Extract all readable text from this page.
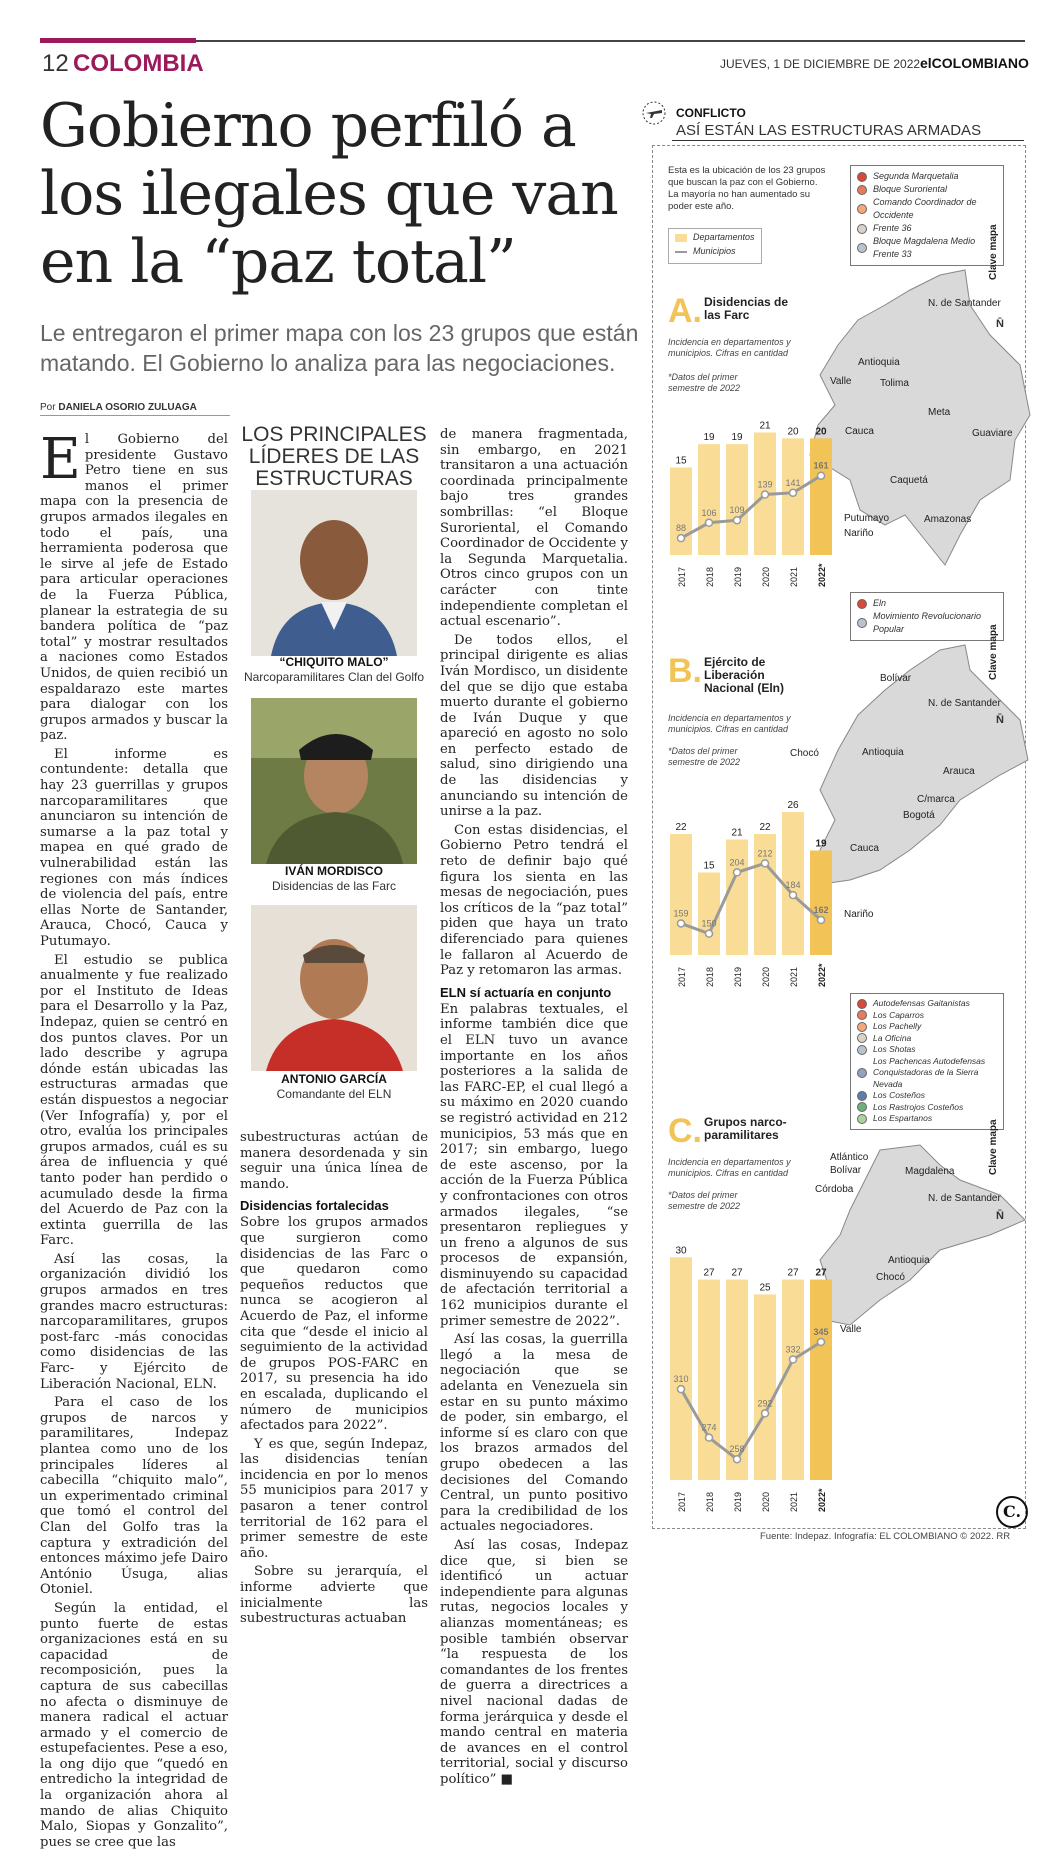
12 COLOMBIA	JUEVES, 1 DE DICIEMBRE DE 2022 elCOLOMBIANO
Gobierno perfiló a los ilegales que van en la “paz total”
Le entregaron el primer mapa con los 23 grupos que están matando. El Gobierno lo analiza para las negociaciones.
Por DANIELA OSORIO ZULUAGA

El Gobierno del presidente Gustavo Petro tiene en sus manos el primer mapa con la presencia de grupos armados ilegales en todo el país, una herramienta poderosa que le sirve al jefe de Estado para articular operaciones de la Fuerza Pública, planear la estrategia de su bandera política de “paz total” y mostrar resultados a naciones como Estados Unidos, de quien recibió un espaldarazo este martes para dialogar con los grupos armados y buscar la paz.

El informe es contundente: detalla que hay 23 guerrillas y grupos narcoparamilitares que anunciaron su intención de sumarse a la paz total y mapea en qué grado de vulnerabilidad están las regiones con más índices de violencia del país, entre ellas Norte de Santander, Arauca, Chocó, Cauca y Putumayo.

El estudio se publica anualmente y fue realizado por el Instituto de Ideas para el Desarrollo y la Paz, Indepaz, quien se centró en dos puntos claves. Por un lado describe y agrupa dónde están ubicadas las estructuras armadas que están dispuestos a negociar (Ver Infografía) y, por el otro, evalúa los principales grupos armados, cuál es su área de influencia y qué tanto poder han perdido o acumulado desde la firma del Acuerdo de Paz con la extinta guerrilla de las Farc.

Así las cosas, la organización dividió los grupos armados en tres grandes macro estructuras: narcoparamilitares, grupos post-farc -más conocidas como disidencias de las Farc- y Ejército de Liberación Nacional, ELN.

Para el caso de los grupos de narcos y paramilitares, Indepaz plantea como uno de los principales líderes al cabecilla “chiquito malo”, un experimentado criminal que tomó el control del Clan del Golfo tras la captura y extradición del entonces máximo jefe Dairo António Úsuga, alias Otoniel.

Según la entidad, el punto fuerte de estas organizaciones está en su capacidad de recomposición, pues la captura de sus cabecillas no afecta o disminuye de manera radical el actuar armado y el comercio de estupefacientes. Pese a eso, la ong dijo que “quedó en entredicho la integridad de la organización ahora al mando de alias Chiquito Malo, Siopas y Gonzalito”, pues se cree que las

LOS PRINCIPALES LÍDERES DE LAS ESTRUCTURAS
“CHIQUITO MALO”
Narcoparamilitares Clan del Golfo
IVÁN MORDISCO
Disidencias de las Farc
ANTONIO GARCÍA
Comandante del ELN

subestructuras actúan de manera desordenada y sin seguir una única línea de mando.

Disidencias fortalecidas

Sobre los grupos armados que surgieron como disidencias de las Farc o que quedaron como pequeños reductos que nunca se acogieron al Acuerdo de Paz, el informe cita que “desde el inicio al seguimiento de la actividad de grupos POS-FARC en 2017, su presencia ha ido en escalada, duplicando el número de municipios afectados para 2022”.

Y es que, según Indepaz, las disidencias tenían incidencia en por lo menos 55 municipios para 2017 y pasaron a tener control territorial de 162 para el primer semestre de este año.

Sobre su jerarquía, el informe advierte que inicialmente las subestructuras actuaban

de manera fragmentada, sin embargo, en 2021 transitaron a una actuación coordinada principalmente bajo tres grandes sombrillas: “el Bloque Suroriental, el Comando Coordinador de Occidente y la Segunda Marquetalia. Otros cinco grupos con un carácter con tinte independiente completan el actual escenario”.

De todos ellos, el principal dirigente es alias Iván Mordisco, un disidente del que se dijo que estaba muerto durante el gobierno de Iván Duque y que apareció en agosto no solo en perfecto estado de salud, sino dirigiendo una de las disidencias y anunciando su intención de unirse a la paz.

Con estas disidencias, el Gobierno Petro tendrá el reto de definir bajo qué figura los sienta en las mesas de negociación, pues los críticos de la “paz total” piden que haya un trato diferenciado para quienes le fallaron al Acuerdo de Paz y retomaron las armas.

ELN sí actuaría en conjunto

En palabras textuales, el informe también dice que el ELN tuvo un avance importante en los años posteriores a la salida de las FARC-EP, el cual llegó a su máximo en 2020 cuando se registró actividad en 212 municipios, 53 más que en 2017; sin embargo, luego de este ascenso, por la acción de la Fuerza Pública y confrontaciones con otros armados ilegales, “se presentaron repliegues y un freno a algunos de sus procesos de expansión, disminuyendo su capacidad de afectación territorial a 162 municipios durante el primer semestre de 2022”.

Así las cosas, la guerrilla llegó a la mesa de negociación que se adelanta en Venezuela sin estar en su punto máximo de poder, sin embargo, el informe sí es claro con que los brazos armados del grupo obedecen a las decisiones del Comando Central, un punto positivo para la credibilidad de los actuales negociadores.

Así las cosas, Indepaz dice que, si bien se identificó un actuar independiente para algunas rutas, negocios locales y alianzas momentáneas; es posible también observar “la respuesta de los comandantes de los frentes de guerra a directrices a nivel nacional dadas de forma jerárquica y desde el mando central en materia de avances en el control territorial, social y discurso político” ■

CONFLICTO
ASÍ ESTÁN LAS ESTRUCTURAS ARMADAS
Esta es la ubicación de los 23 grupos que buscan la paz con el Gobierno. La mayoría no han aumentado su poder este año.
Departamentos
Municipios
Segunda Marquetalia
Bloque Suroriental
Comando Coordinador de Occidente
Frente 36
Bloque Magdalena Medio Frente 33	Clave mapa
Eln
Movimiento Revolucionario Popular	Clave mapa
Autodefensas Gaitanistas
Los Caparros
Los Pachelly
La Oficina
Los Shotas
Los Pachencas Autodefensas Conquistadoras de la Sierra Nevada
Los Costeños
Los Rastrojos Costeños
Los Espartanos
Clave mapa
A. Disidencias de las Farc
Incidencia en departamentos y municipios. Cifras en cantidad
*Datos del primer semestre de 2022
B. Ejército de Liberación Nacional (Eln)
Incidencia en departamentos y municipios. Cifras en cantidad
*Datos del primer semestre de 2022
C. Grupos narco-paramilitares
Incidencia en departamentos y municipios. Cifras en cantidad
*Datos del primer semestre de 2022
N. de Santander
Antioquia
Valle	Tolima
Meta
Cauca	Guaviare
Caquetá
Putumayo
Nariño
Amazonas
Bolívar
N. de Santander
Chocó	Antioquia
Arauca
C/marca
Bogotá
Cauca
Nariño
Atlántico
Bolívar	Magdalena
Córdoba
N. de Santander
Antioquia
Chocó
Valle
N̄
N̄
N̄
15
2017
19
2018
19
2019
21
2020
20
2021
20
2022*
88
106 109
139 141
161
22
2017
15
2018
21
2019
22
2020
26
2021
19
2022*
159
150
204
212
184
162
30
2017
27
2018
27
2019
25
2020
27
2021
27
2022*
310
274
258
292
332
345
Fuente: Indepaz. Infografía: EL COLOMBIANO © 2022. RR
C.
